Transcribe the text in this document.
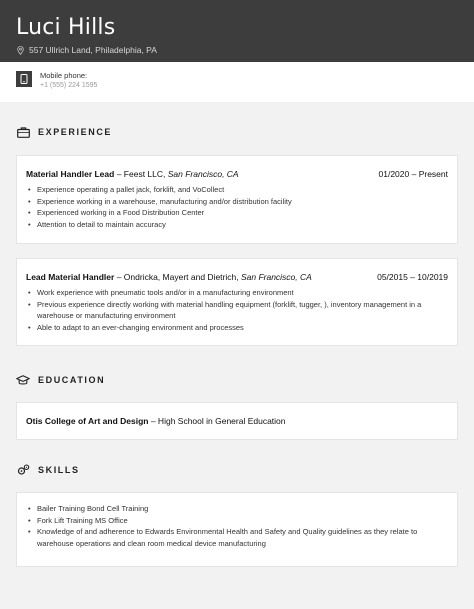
Luci Hills
557 Ullrich Land, Philadelphia, PA
Mobile phone:
+1 (555) 224 1595
EXPERIENCE
Material Handler Lead – Feest LLC, San Francisco, CA	01/2020 – Present
• Experience operating a pallet jack, forklift, and VoCollect
• Experience working in a warehouse, manufacturing and/or distribution facility
• Experienced working in a Food Distribution Center
• Attention to detail to maintain accuracy
Lead Material Handler – Ondricka, Mayert and Dietrich, San Francisco, CA	05/2015 – 10/2019
• Work experience with pneumatic tools and/or in a manufacturing environment
• Previous experience directly working with material handling equipment (forklift, tugger, ), inventory management in a warehouse or manufacturing environment
• Able to adapt to an ever-changing environment and processes
EDUCATION
Otis College of Art and Design – High School in General Education
SKILLS
• Bailer Training Bond Cell Training
• Fork Lift Training MS Office
• Knowledge of and adherence to Edwards Environmental Health and Safety and Quality guidelines as they relate to warehouse operations and clean room medical device manufacturing
